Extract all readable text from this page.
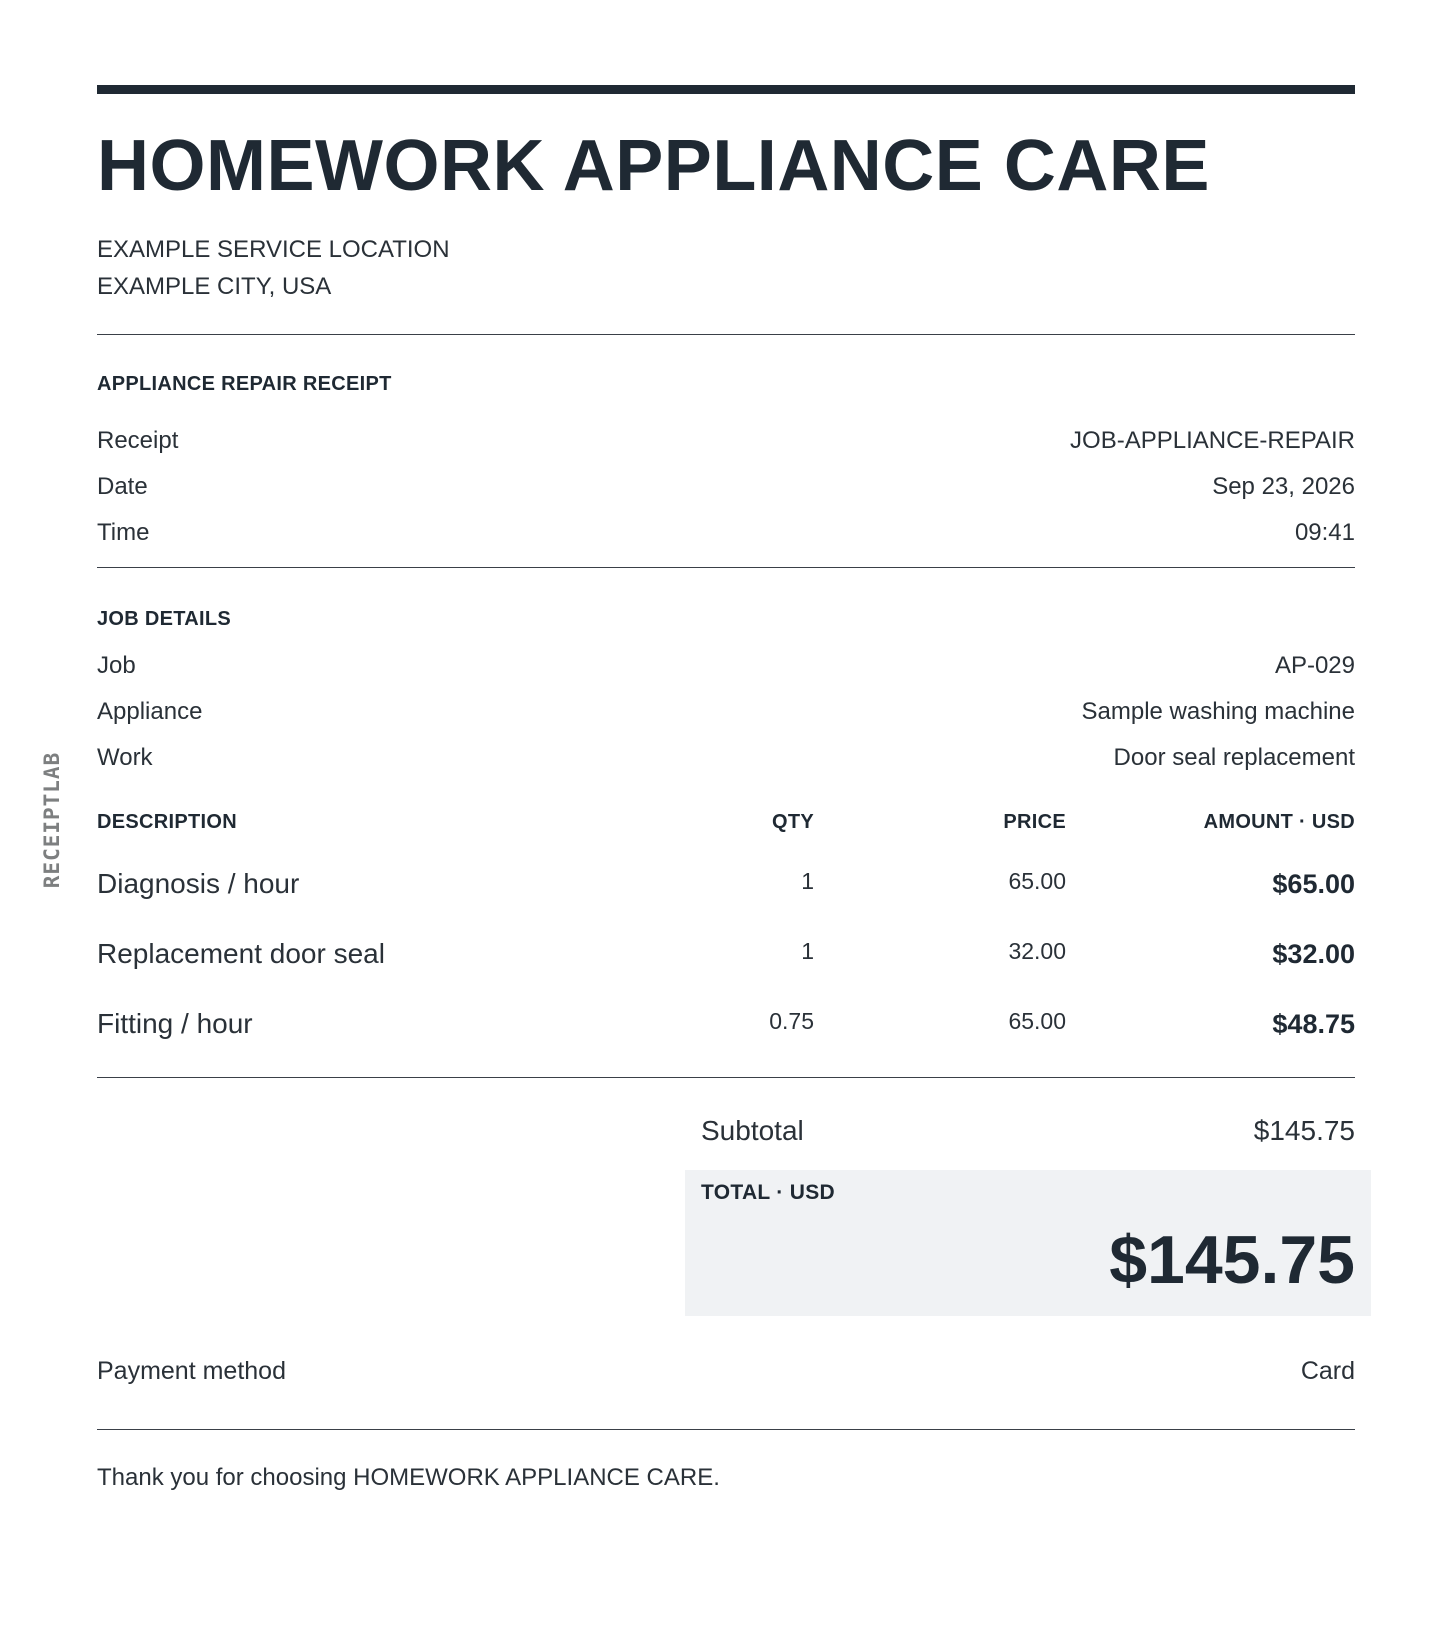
RECEIPTLAB
HOMEWORK APPLIANCE CARE
EXAMPLE SERVICE LOCATION
EXAMPLE CITY, USA
APPLIANCE REPAIR RECEIPT
Receipt	JOB-APPLIANCE-REPAIR
Date	Sep 23, 2026
Time	09:41
JOB DETAILS
Job	AP-029
Appliance	Sample washing machine
Work	Door seal replacement
DESCRIPTION	QTY	PRICE	AMOUNT · USD
Diagnosis / hour	1	65.00	$65.00
Replacement door seal	1	32.00	$32.00
Fitting / hour	0.75	65.00	$48.75
Subtotal	$145.75
TOTAL · USD
$145.75
Payment method	Card
Thank you for choosing HOMEWORK APPLIANCE CARE.
